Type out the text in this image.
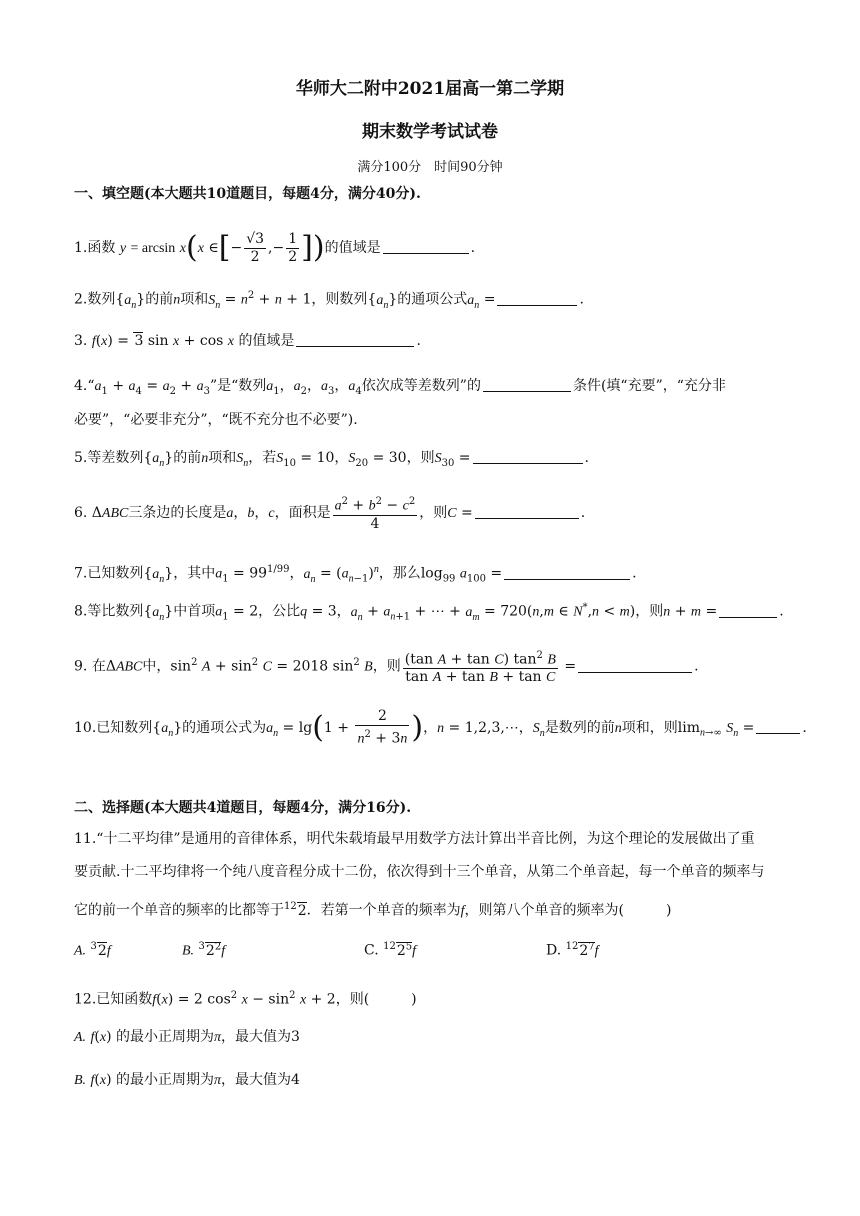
华师大二附中2021届高一第二学期
期末数学考试试卷
满分100分　时间90分钟
一、填空题(本大题共10道题目，每题4分，满分40分).
1.函数 y = arcsin x(x ∈[− $\frac{√3}{2}$ ,− $\frac{1}{2}$ ])的值域是	.
2.数列$\{a_n\}$的前n项和$S_n = n^2 + n + 1$，则数列$\{a_n\}$的通项公式$a_n$ =	.
3. f(x) = 3 sin x + cos x 的值域是	.
$4.“a_1 + a_4 = a_2 + a_3$”是“数列$a_1$，$a_2$，$a_3$，$a_4$依次成等差数列”的	条件(填“充要”，“充分非
必要”，“必要非充分”，“既不充分也不必要”).
5.等差数列$\{a_n\}$的前n项和$S_n$，若$S_{10} = 10$，$S_{20} = 30$，则$S_{30}$ =	.
6. ΔABC三条边的长度是a，b，c，面积是 $\frac{a^2 + b^2 - c^2}{4}$ ，则C =	.
7.已知数列$\{a_n\}$，其中$a_1 = 99^{1/99}$，$a_n = (a_{n-1})^n$，那么$\log_{99} a_{100}$ =	.
8.等比数列$\{a_n\}$中首项$a_1 = 2$，公比q = 3，$a_n + a_{n+1}$ + ⋯ + $a_m = 720(n,m$ ∈ N*,n < m)，则n + m =	.
9. 在ΔABC中，$\sin^2 A + \sin^2 C = 2018$ $\sin^2 B$，则 $\frac{(\tan A + \tan C) \tan^2 B}{\text{tan A + tan B + tan C}}$ =	.
10.已知数列$\{a_n\}$的通项公式为$a_n = \lg(1 + \frac{2}{n^2 + 3n}$ )，n = 1,2,3,⋯，$S_n$是数列的前n项和，则$\lim_{n\to\infty} S_n$ =	.
二、选择题(本大题共4道题目，每题4分，满分16分).
11.“十二平均律”是通用的音律体系，明代朱载堉最早用数学方法计算出半音比例，为这个理论的发展做出了重
要贡献.十二平均律将一个纯八度音程分成十二份，依次得到十三个单音，从第二个单音起，每一个单音的频率与
它的前一个单音的频率的比都等于$^{12}$2．若第一个单音的频率为f，则第八个单音的频率为(　　　)
A. $^3$2f	B. $^32^2f$	C. $^{12}2^5f$	D. $^{12}2^7f$
12.已知函数f(x) = 2 $\cos^2 x - \sin^2 x + 2$，则(　　　)
A. f(x) 的最小正周期为π，最大值为3
B. f(x) 的最小正周期为π，最大值为4
